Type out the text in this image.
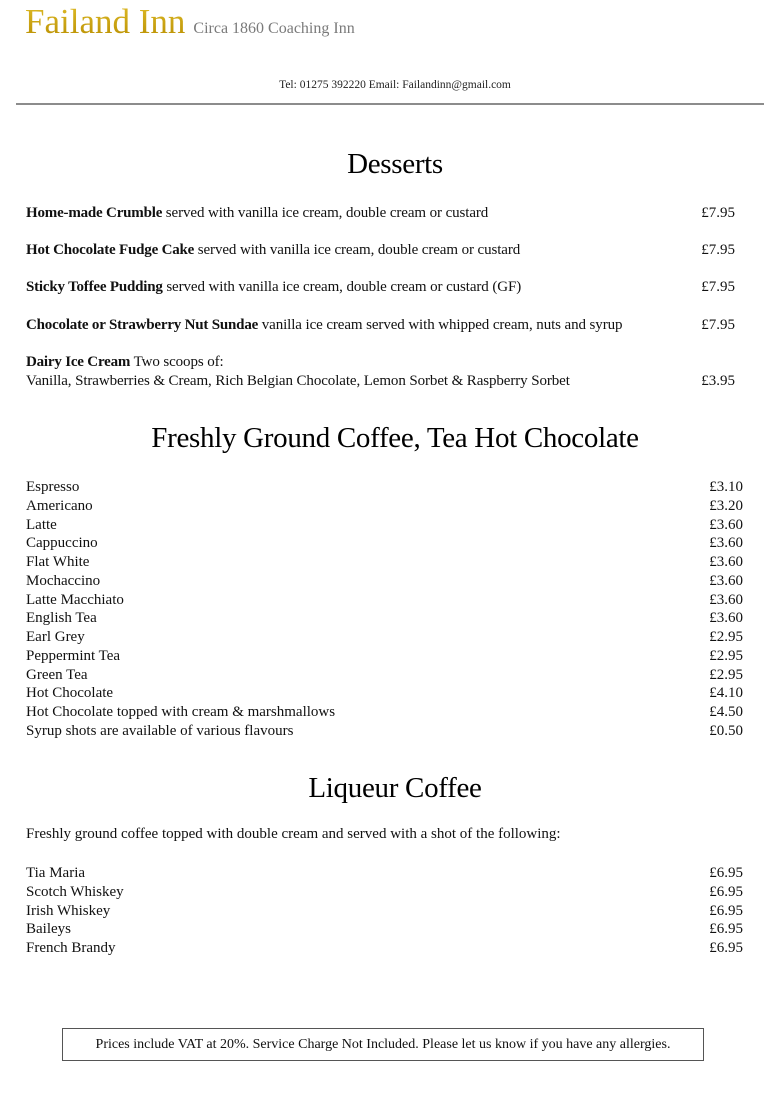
Failand Inn Circa 1860 Coaching Inn
Tel: 01275 392220 Email: Failandinn@gmail.com
Desserts
Home-made Crumble served with vanilla ice cream, double cream or custard	£7.95
Hot Chocolate Fudge Cake served with vanilla ice cream, double cream or custard	£7.95
Sticky Toffee Pudding served with vanilla ice cream, double cream or custard (GF)	£7.95
Chocolate or Strawberry Nut Sundae vanilla ice cream served with whipped cream, nuts and syrup	£7.95
Dairy Ice Cream Two scoops of:
Vanilla, Strawberries & Cream, Rich Belgian Chocolate, Lemon Sorbet & Raspberry Sorbet	£3.95
Freshly Ground Coffee, Tea Hot Chocolate
Espresso	£3.10
Americano	£3.20
Latte	£3.60
Cappuccino	£3.60
Flat White	£3.60
Mochaccino	£3.60
Latte Macchiato	£3.60
English Tea	£3.60
Earl Grey	£2.95
Peppermint Tea	£2.95
Green Tea	£2.95
Hot Chocolate	£4.10
Hot Chocolate topped with cream & marshmallows	£4.50
Syrup shots are available of various flavours	£0.50
Liqueur Coffee
Freshly ground coffee topped with double cream and served with a shot of the following:
Tia Maria	£6.95
Scotch Whiskey	£6.95
Irish Whiskey	£6.95
Baileys	£6.95
French Brandy	£6.95
Prices include VAT at 20%. Service Charge Not Included. Please let us know if you have any allergies.
